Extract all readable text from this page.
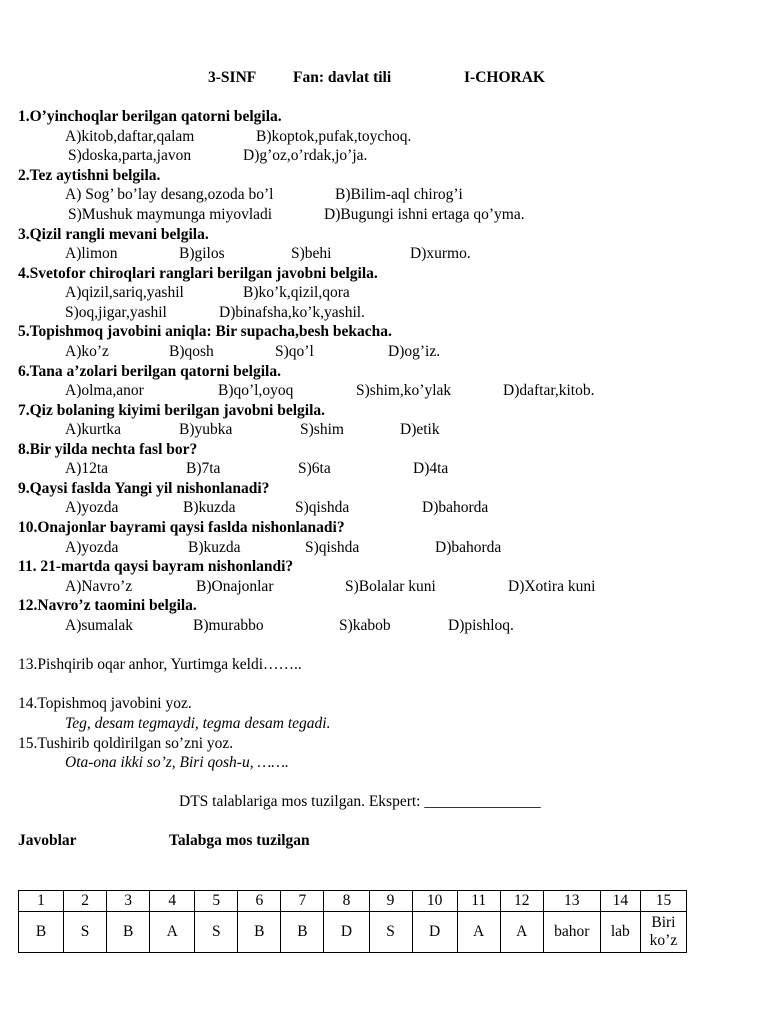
3-SINF Fan: davlat tili	I-CHORAK
1.O’yinchoqlar berilgan qatorni belgila.
A)kitob,daftar,qalam	B)koptok,pufak,toychoq.
S)doska,parta,javon	D)g’oz,o’rdak,jo’ja.
2.Tez aytishni belgila.
A) Sog’ bo’lay desang,ozoda bo’l	B)Bilim-aql chirog’i
S)Mushuk maymunga miyovladi	D)Bugungi ishni ertaga qo’yma.
3.Qizil rangli mevani belgila.
A)limon	B)gilos	S)behi	D)xurmo.
4.Svetofor chiroqlari ranglari berilgan javobni belgila.
A)qizil,sariq,yashil	B)ko’k,qizil,qora
S)oq,jigar,yashil	D)binafsha,ko’k,yashil.
5.Topishmoq javobini aniqla: Bir supacha,besh bekacha.
A)ko’z	B)qosh	S)qo’l	D)og’iz.
6.Tana a’zolari berilgan qatorni belgila.
A)olma,anor	B)qo’l,oyoq	S)shim,ko’ylak	D)daftar,kitob.
7.Qiz bolaning kiyimi berilgan javobni belgila.
A)kurtka	B)yubka	S)shim	D)etik
8.Bir yilda nechta fasl bor?
A)12ta	B)7ta	S)6ta	D)4ta
9.Qaysi faslda Yangi yil nishonlanadi?
A)yozda	B)kuzda	S)qishda	D)bahorda
10.Onajonlar bayrami qaysi faslda nishonlanadi?
A)yozda	B)kuzda	S)qishda	D)bahorda
11. 21-martda qaysi bayram nishonlandi?
A)Navro’z	B)Onajonlar	S)Bolalar kuni	D)Xotira kuni
12.Navro’z taomini belgila.
A)sumalak	B)murabbo	S)kabob	D)pishloq.
13.Pishqirib oqar anhor, Yurtimga keldi……..
14.Topishmoq javobini yoz.
Teg, desam tegmaydi, tegma desam tegadi.
15.Tushirib qoldirilgan so’zni yoz.
Ota-ona ikki so’z, Biri qosh-u, …….
DTS talablariga mos tuzilgan. Ekspert: _______________
Javoblar	Talabga mos tuzilgan
1	2	3	4	5	6	7	8	9	10	11	12	13	14	15
B	S	B	A	S	B	B	D	S	D	A	A	bahor	lab	Biri ko’z
